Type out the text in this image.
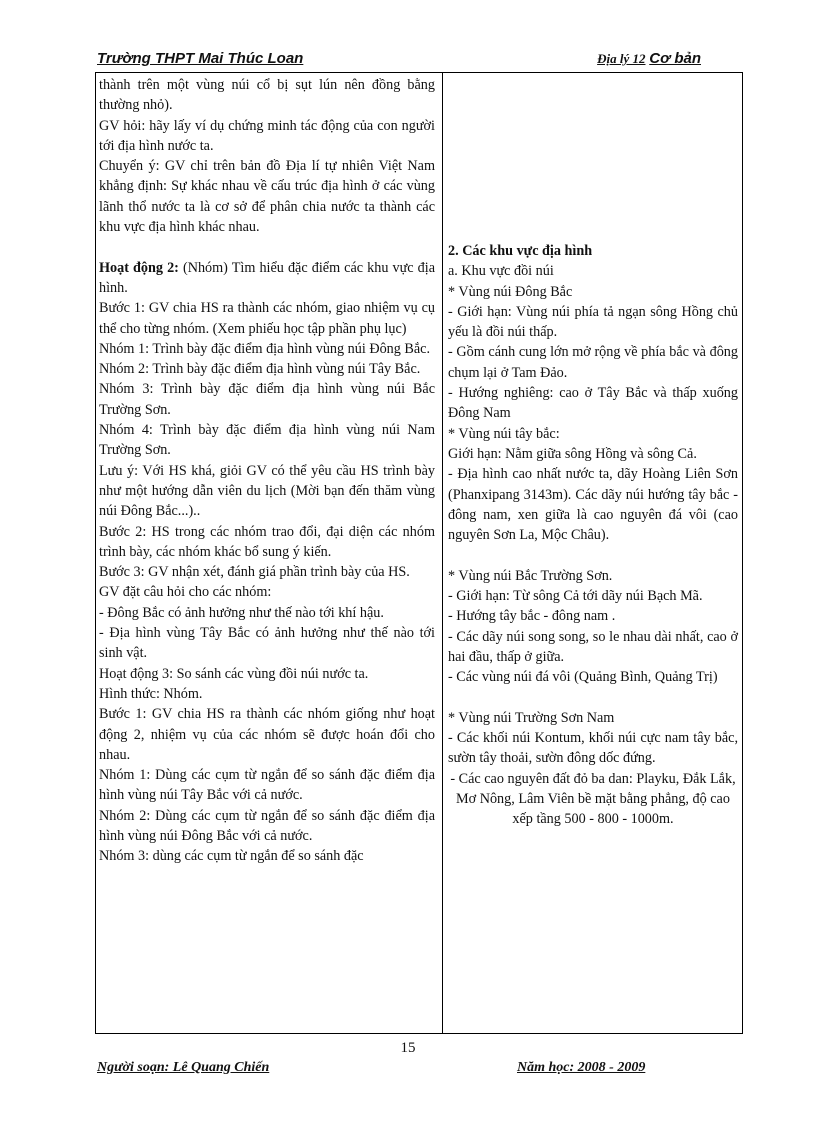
Trường THPT Mai Thúc Loan	Địa lý 12 Cơ bản

thành trên một vùng núi cổ bị sụt lún nên đồng bằng thường nhỏ).

GV hỏi: hãy lấy ví dụ chứng minh tác động của con người tới địa hình nước ta.

Chuyển ý: GV chỉ trên bản đồ Địa lí tự nhiên Việt Nam khẳng định: Sự khác nhau về cấu trúc địa hình ở các vùng lãnh thổ nước ta là cơ sở để phân chia nước ta thành các khu vực địa hình khác nhau.

Hoạt động 2: (Nhóm) Tìm hiểu đặc điểm các khu vực địa hình.

Bước 1: GV chia HS ra thành các nhóm, giao nhiệm vụ cụ thể cho từng nhóm. (Xem phiếu học tập phần phụ lục)

Nhóm 1: Trình bày đặc điểm địa hình vùng núi Đông Bắc.

Nhóm 2: Trình bày đặc điểm địa hình vùng núi Tây Bắc.

Nhóm 3: Trình bày đặc điểm địa hình vùng núi Bắc Trường Sơn.

Nhóm 4: Trình bày đặc điểm địa hình vùng núi Nam Trường Sơn.

Lưu ý: Với HS khá, giỏi GV có thể yêu cầu HS trình bày như một hướng dẫn viên du lịch (Mời bạn đến thăm vùng núi Đông Bắc...)..

Bước 2: HS trong các nhóm trao đổi, đại diện các nhóm trình bày, các nhóm khác bổ sung ý kiến.

Bước 3: GV nhận xét, đánh giá phần trình bày của HS.

GV đặt câu hỏi cho các nhóm:

- Đông Bắc có ảnh hưởng như thế nào tới khí hậu.

- Địa hình vùng Tây Bắc có ảnh hưởng như thế nào tới sinh vật.

Hoạt động 3: So sánh các vùng đồi núi nước ta.

Hình thức: Nhóm.

Bước 1: GV chia HS ra thành các nhóm giống như hoạt động 2, nhiệm vụ của các nhóm sẽ được hoán đổi cho nhau.

Nhóm 1: Dùng các cụm từ ngắn để so sánh đặc điểm địa hình vùng núi Tây Bắc với cả nước.

Nhóm 2: Dùng các cụm từ ngắn để so sánh đặc điểm địa hình vùng núi Đông Bắc với cả nước.

Nhóm 3: dùng các cụm từ ngắn để so sánh đặc

2. Các khu vực địa hình

a. Khu vực đồi núi

* Vùng núi Đông Bắc

- Giới hạn: Vùng núi phía tả ngạn sông Hồng chủ yếu là đồi núi thấp.

- Gồm cánh cung lớn mở rộng về phía bắc và đông chụm lại ở Tam Đảo.

- Hướng nghiêng: cao ở Tây Bắc và thấp xuống Đông Nam

* Vùng núi tây bắc:

Giới hạn: Nằm giữa sông Hồng và sông Cả.

- Địa hình cao nhất nước ta, dãy Hoàng Liên Sơn (Phanxipang 3143m). Các dãy núi hướng tây bắc - đông nam, xen giữa là cao nguyên đá vôi (cao nguyên Sơn La, Mộc Châu).

* Vùng núi Bắc Trường Sơn.

- Giới hạn: Từ sông Cả tới dãy núi Bạch Mã.

- Hướng tây bắc - đông nam .

- Các dãy núi song song, so le nhau dài nhất, cao ở hai đầu, thấp ở giữa.

- Các vùng núi đá vôi (Quảng Bình, Quảng Trị)

* Vùng núi Trường Sơn Nam

- Các khối núi Kontum, khối núi cực nam tây bắc, sườn tây thoải, sườn đông dốc đứng.

- Các cao nguyên đất đỏ ba dan: Playku, Đắk Lắk, Mơ Nông, Lâm Viên bề mặt bằng phẳng, độ cao xếp tầng 500 - 800 - 1000m.

15
Người soạn: Lê Quang Chiến	Năm học: 2008 - 2009
